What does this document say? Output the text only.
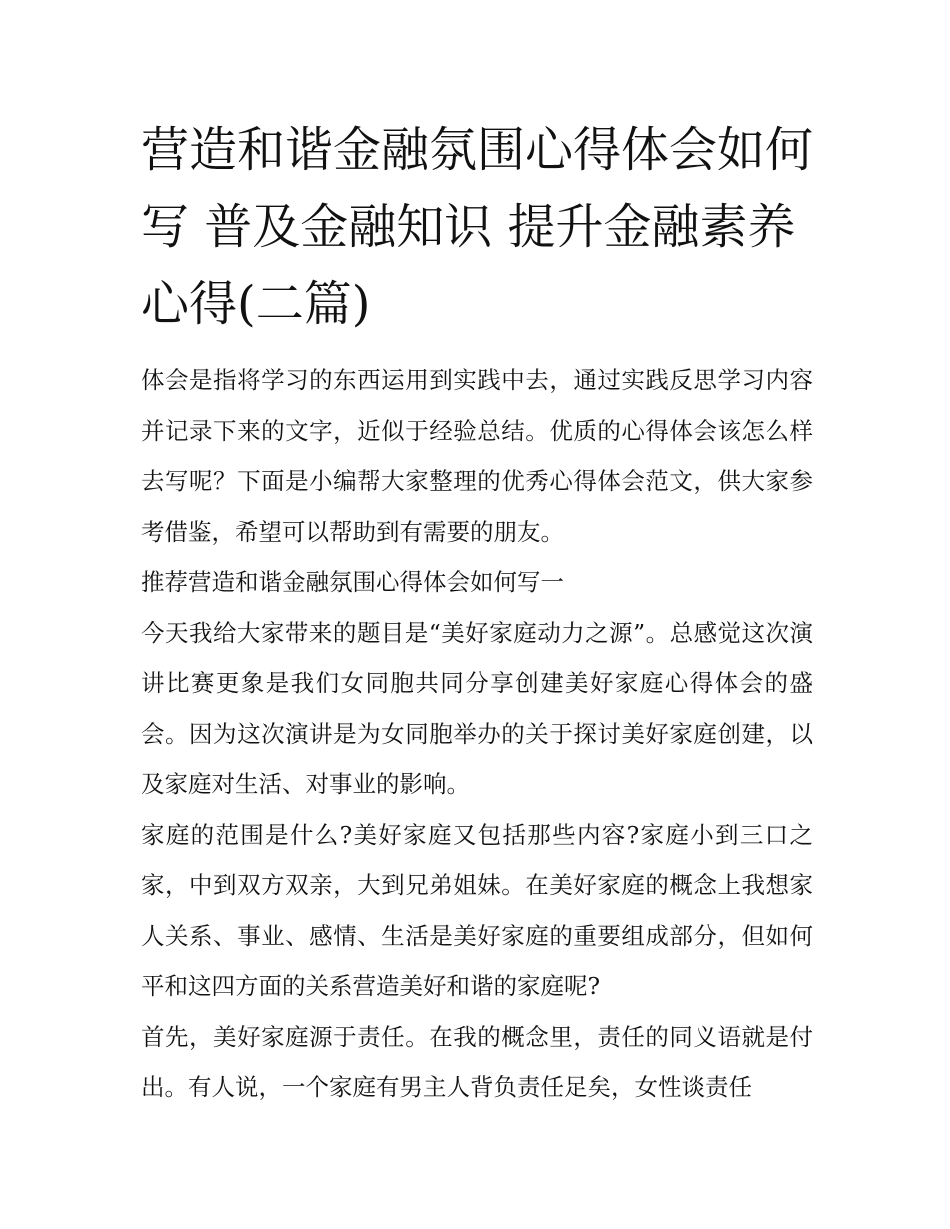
营造和谐金融氛围心得体会如何写 普及金融知识 提升金融素养心得(二篇)

体会是指将学习的东西运用到实践中去，通过实践反思学习内容并记录下来的文字，近似于经验总结。优质的心得体会该怎么样去写呢？下面是小编帮大家整理的优秀心得体会范文，供大家参考借鉴，希望可以帮助到有需要的朋友。

推荐营造和谐金融氛围心得体会如何写一

今天我给大家带来的题目是“美好家庭动力之源”。总感觉这次演讲比赛更象是我们女同胞共同分享创建美好家庭心得体会的盛会。因为这次演讲是为女同胞举办的关于探讨美好家庭创建，以及家庭对生活、对事业的影响。

家庭的范围是什么?美好家庭又包括那些内容?家庭小到三口之家，中到双方双亲，大到兄弟姐妹。在美好家庭的概念上我想家人关系、事业、感情、生活是美好家庭的重要组成部分，但如何平和这四方面的关系营造美好和谐的家庭呢?

首先，美好家庭源于责任。在我的概念里，责任的同义语就是付出。有人说，一个家庭有男主人背负责任足矣，女性谈责任
